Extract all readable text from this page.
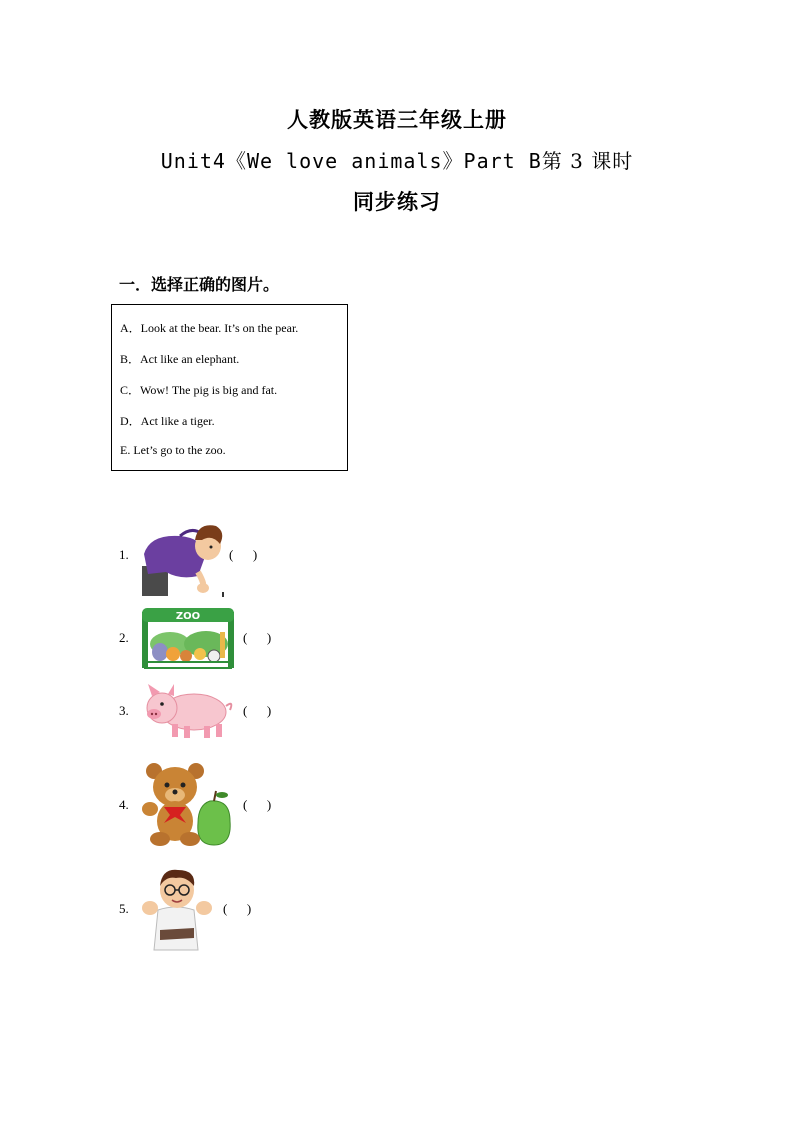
人教版英语三年级上册
Unit4《We love animals》Part B第 3 课时
同步练习
一．选择正确的图片。
A．Look at the bear. It’s on the pear.
B．Act like an elephant.
C．Wow! The pig is big and fat.
D．Act like a tiger.
E. Let’s go to the zoo.
1.	(      )
2.
ZOO
(      )
3.	(      )
4.	(      )
5.	(      )
